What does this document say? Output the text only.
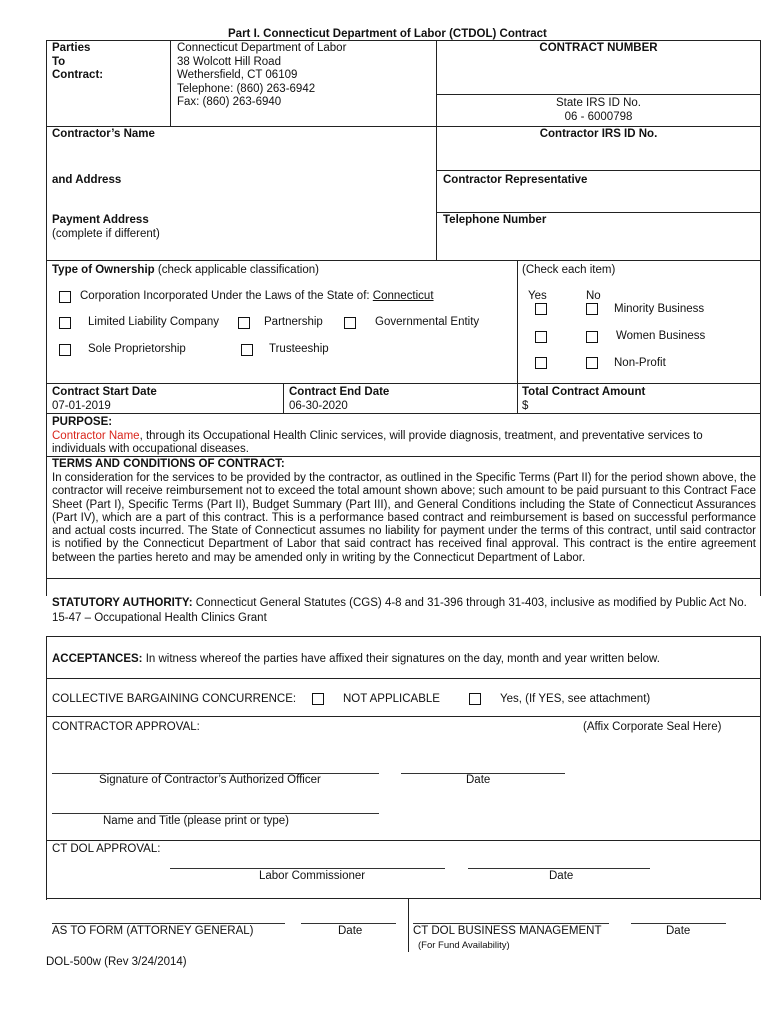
Part I. Connecticut Department of Labor (CTDOL) Contract
Parties
To
Contract:
Connecticut Department of Labor
38 Wolcott Hill Road
Wethersfield, CT 06109
Telephone: (860) 263-6942
Fax: (860) 263-6940
CONTRACT NUMBER
State IRS ID No.
06 - 6000798
Contractor’s Name	Contractor IRS ID No.
and Address	Contractor Representative
Payment Address
(complete if different)
Telephone Number
Type of Ownership (check applicable classification)
Corporation Incorporated Under the Laws of the State of: Connecticut
Limited Liability Company	Partnership	Governmental Entity
Sole Proprietorship	Trusteeship
(Check each item)
Yes	No
Minority Business
Women Business
Non-Profit
Contract Start Date
07-01-2019
Contract End Date
06-30-2020
Total Contract Amount
$
PURPOSE:
Contractor Name, through its Occupational Health Clinic services, will provide diagnosis, treatment, and preventative services to individuals with occupational diseases.
TERMS AND CONDITIONS OF CONTRACT:
In consideration for the services to be provided by the contractor, as outlined in the Specific Terms (Part II) for the period shown above, the contractor will receive reimbursement not to exceed the total amount shown above; such amount to be paid pursuant to this Contract Face Sheet (Part I), Specific Terms (Part II), Budget Summary (Part III), and General Conditions including the State of Connecticut Assurances (Part IV), which are a part of this contract. This is a performance based contract and reimbursement is based on successful performance and actual costs incurred. The State of Connecticut assumes no liability for payment under the terms of this contract, until said contractor is notified by the Connecticut Department of Labor that said contract has received final approval. This contract is the entire agreement between the parties hereto and may be amended only in writing by the Connecticut Department of Labor.
STATUTORY AUTHORITY: Connecticut General Statutes (CGS) 4-8 and 31-396 through 31-403, inclusive as modified by Public Act No. 15-47 – Occupational Health Clinics Grant
ACCEPTANCES: In witness whereof the parties have affixed their signatures on the day, month and year written below.
COLLECTIVE BARGAINING CONCURRENCE:	NOT APPLICABLE	Yes, (If YES, see attachment)
CONTRACTOR APPROVAL:	(Affix Corporate Seal Here)
Signature of Contractor’s Authorized Officer	Date
Name and Title (please print or type)
CT DOL APPROVAL:
Labor Commissioner	Date
AS TO FORM (ATTORNEY GENERAL)	Date	CT DOL BUSINESS MANAGEMENT	Date
(For Fund Availability)
DOL-500w (Rev 3/24/2014)
